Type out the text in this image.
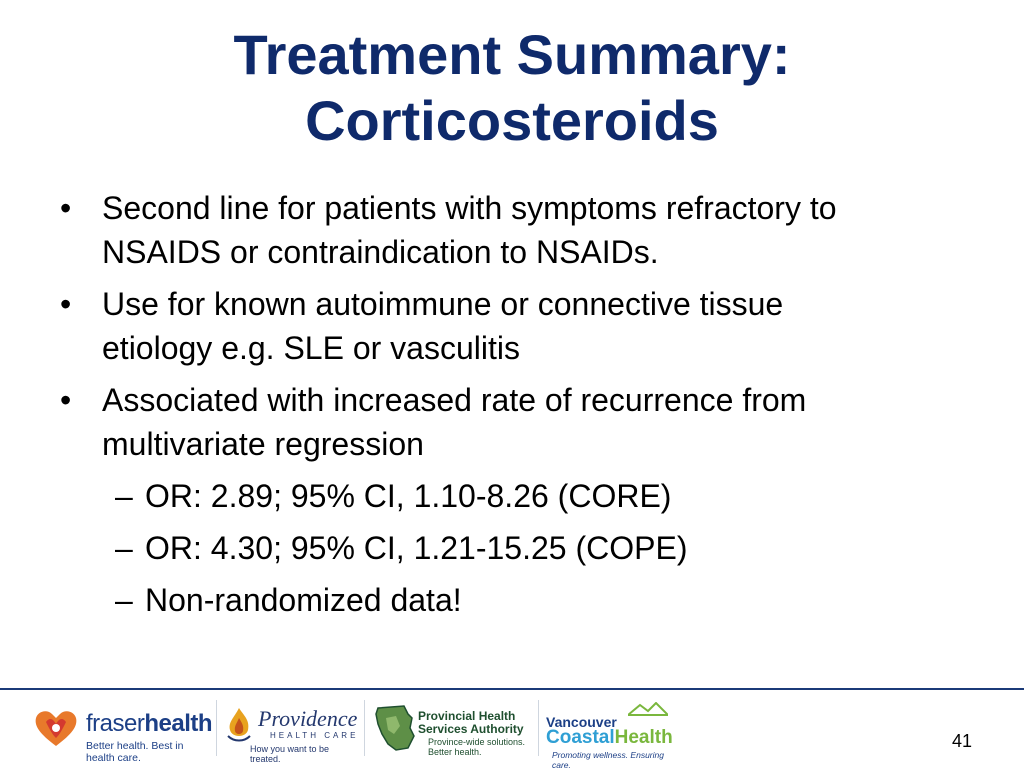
Treatment Summary:
Corticosteroids
• Second line for patients with symptoms refractory to
NSAIDS or contraindication to NSAIDs.
• Use for known autoimmune or connective tissue
etiology e.g. SLE or vasculitis
• Associated with increased rate of recurrence from
multivariate regression
– OR: 2.89; 95% CI, 1.10-8.26 (CORE)
– OR: 4.30; 95% CI, 1.21-15.25 (COPE)
– Non-randomized data!
fraserhealth
Better health. Best in health care.
Providence
HEALTH CARE
How you want to be treated.
Provincial Health Services Authority
Province-wide solutions. Better health.
Vancouver
CoastalHealth
Promoting wellness. Ensuring care.
41
